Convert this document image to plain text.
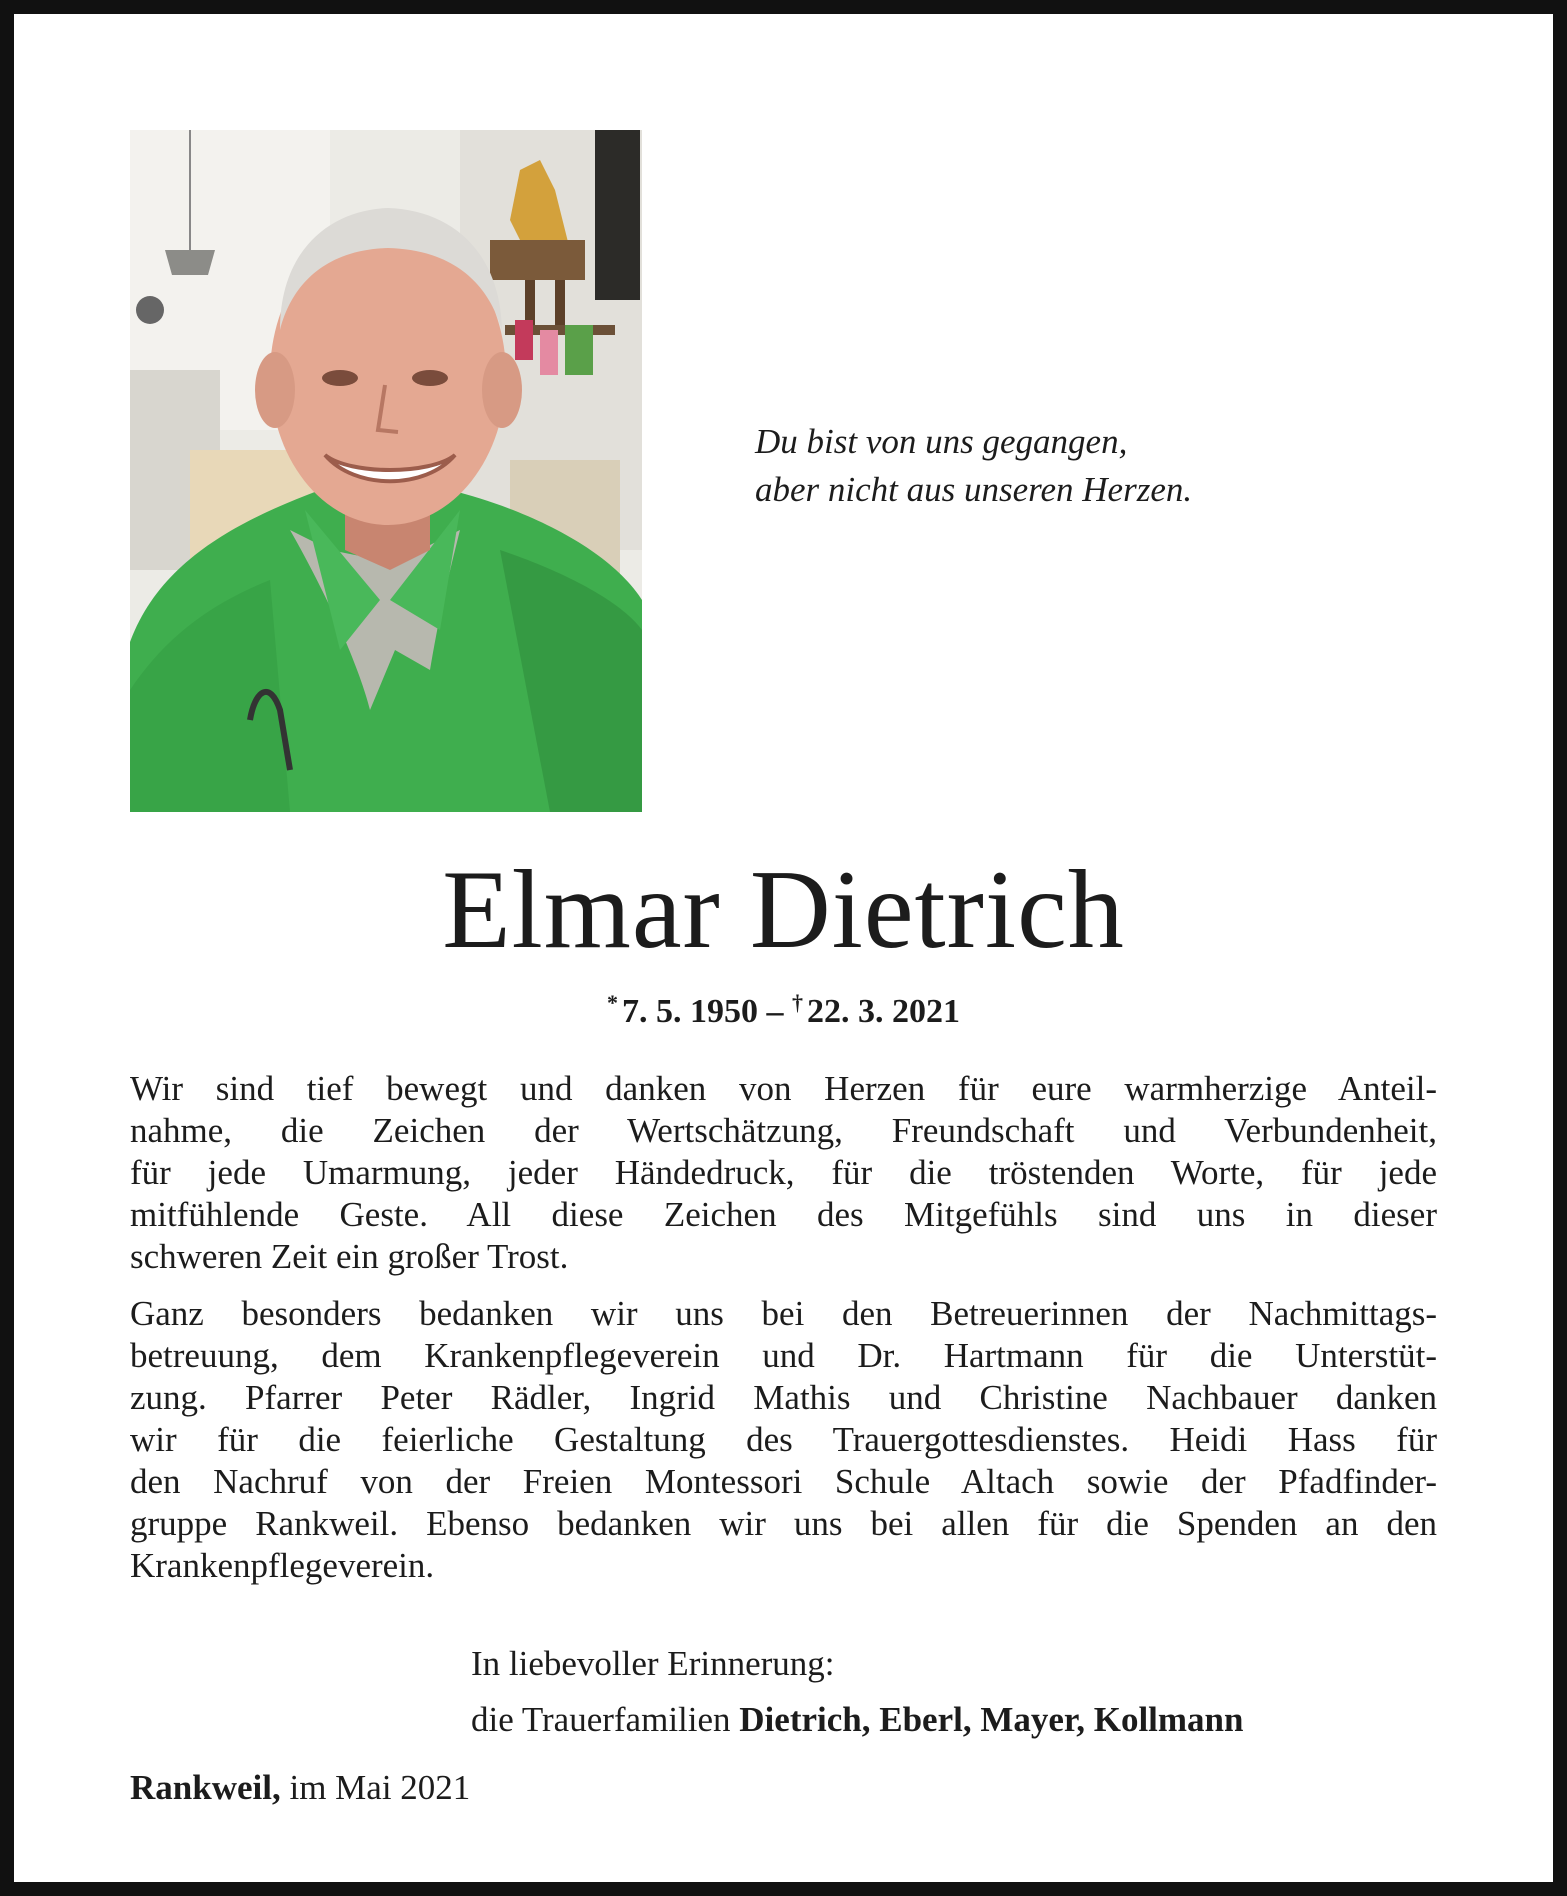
Du bist von uns gegangen,
aber nicht aus unseren Herzen.
Elmar Dietrich
* 7. 5. 1950 – † 22. 3. 2021
Wir sind tief bewegt und danken von Herzen für eure warmherzige Anteil-
nahme, die Zeichen der Wertschätzung, Freundschaft und Verbundenheit,
für jede Umarmung, jeder Händedruck, für die tröstenden Worte, für jede
mitfühlende Geste. All diese Zeichen des Mitgefühls sind uns in dieser
schweren Zeit ein großer Trost.
Ganz besonders bedanken wir uns bei den Betreuerinnen der Nachmittags-
betreuung, dem Krankenpflegeverein und Dr. Hartmann für die Unterstüt-
zung. Pfarrer Peter Rädler, Ingrid Mathis und Christine Nachbauer danken
wir für die feierliche Gestaltung des Trauergottesdienstes. Heidi Hass für
den Nachruf von der Freien Montessori Schule Altach sowie der Pfadfinder-
gruppe Rankweil. Ebenso bedanken wir uns bei allen für die Spenden an den
Krankenpflegeverein.
In liebevoller Erinnerung:
die Trauerfamilien Dietrich, Eberl, Mayer, Kollmann
Rankweil, im Mai 2021
